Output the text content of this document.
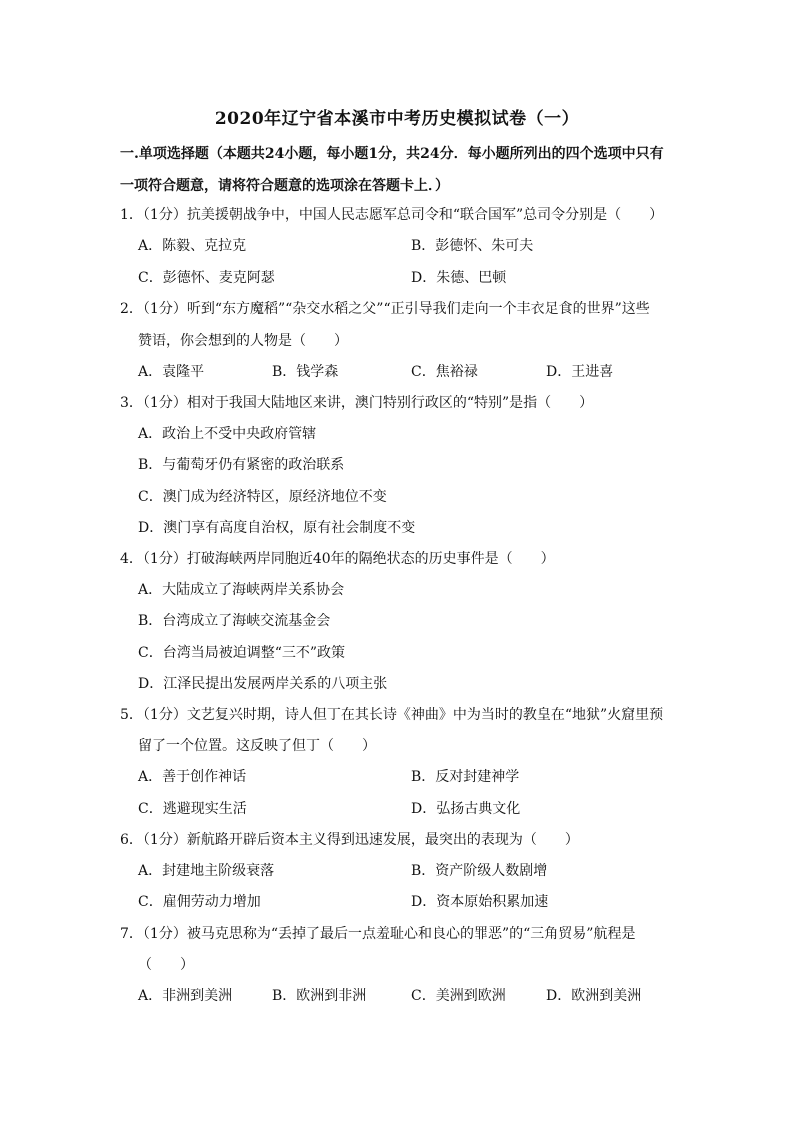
2020年辽宁省本溪市中考历史模拟试卷（一）
一.单项选择题（本题共24小题，每小题1分，共24分．每小题所列出的四个选项中只有
一项符合题意，请将符合题意的选项涂在答题卡上．）
1．（1分）抗美援朝战争中，中国人民志愿军总司令和“联合国军”总司令分别是（　　）
A．陈毅、克拉克	B．彭德怀、朱可夫
C．彭德怀、麦克阿瑟	D．朱德、巴顿
2．（1分）听到“东方魔稻”“杂交水稻之父”“正引导我们走向一个丰衣足食的世界”这些
赞语，你会想到的人物是（　　）
A．袁隆平	B．钱学森	C．焦裕禄	D．王进喜
3．（1分）相对于我国大陆地区来讲，澳门特别行政区的“特别”是指（　　）
A．政治上不受中央政府管辖
B．与葡萄牙仍有紧密的政治联系
C．澳门成为经济特区，原经济地位不变
D．澳门享有高度自治权，原有社会制度不变
4．（1分）打破海峡两岸同胞近40年的隔绝状态的历史事件是（　　）
A．大陆成立了海峡两岸关系协会
B．台湾成立了海峡交流基金会
C．台湾当局被迫调整“三不”政策
D．江泽民提出发展两岸关系的八项主张
5．（1分）文艺复兴时期，诗人但丁在其长诗《神曲》中为当时的教皇在“地狱”火窟里预
留了一个位置。这反映了但丁（　　）
A．善于创作神话	B．反对封建神学
C．逃避现实生活	D．弘扬古典文化
6．（1分）新航路开辟后资本主义得到迅速发展，最突出的表现为（　　）
A．封建地主阶级衰落	B．资产阶级人数剧增
C．雇佣劳动力增加	D．资本原始积累加速
7．（1分）被马克思称为“丢掉了最后一点羞耻心和良心的罪恶”的“三角贸易”航程是
（　　）
A．非洲到美洲	B．欧洲到非洲	C．美洲到欧洲	D．欧洲到美洲
